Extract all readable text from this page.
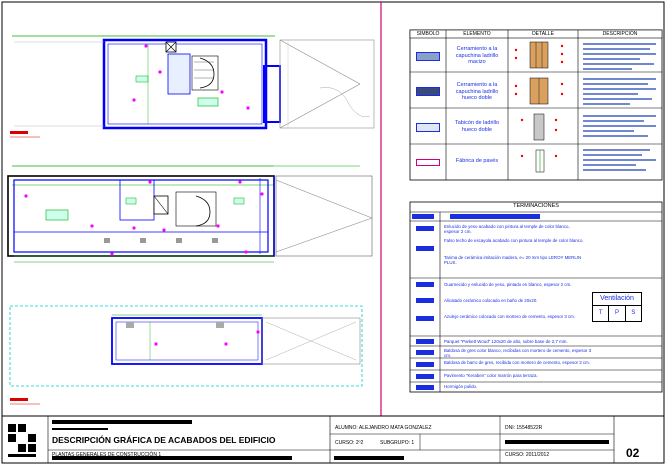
SIMBOLO	ELEMENTO	DETALLE	DESCRIPCIÓN
Cerramiento a la capuchina ladrillo macizo
Cerramiento a la capuchina ladrillo hueco doble
Tabicón de ladrillo hueco doble
Fábrica de pavés
TERMINACIONES
Enlucido de yeso acabado con pintura al temple de color blanco, espesor 2 cm.
Falso techo de escayola acabado con pintura al temple de color blanco.
Tarima de cerámica imitación madera, e= 20 mm tipo LEROY MERLIN PLUS.
Guarnecido y enlucido de yeso, pintado en blanco, espesor 2 cm.
Alicatado cerámico colocado en baño de 20x20.
Azulejo cerámico colocado con mortero de cemento, espesor 3 cm.
Parquet "Parkett Wood" 120x20 de alto, sobre base de 2,7 mm.
Baldosa de gres color blanco, recibidas con mortero de cemento, espesor 3 cm.
Baldosa de barro de gres, recibida con mortero de cemento, espesor 3 cm.
Pavimento "Keraben" color marrón para terraza.
Hormigón pulido.
Ventilación
T	P	S
DESCRIPCIÓN GRÁFICA DE ACABADOS DEL EDIFICIO
PLANTAS GENERALES DE CONSTRUCCIÓN 1
ALUMNO: ALEJANDRO MATA GONZALEZ	DNI: 15548522R
CURSO: 2º2	SUBGRUPO: 1
CURSO: 2011/2012	02
